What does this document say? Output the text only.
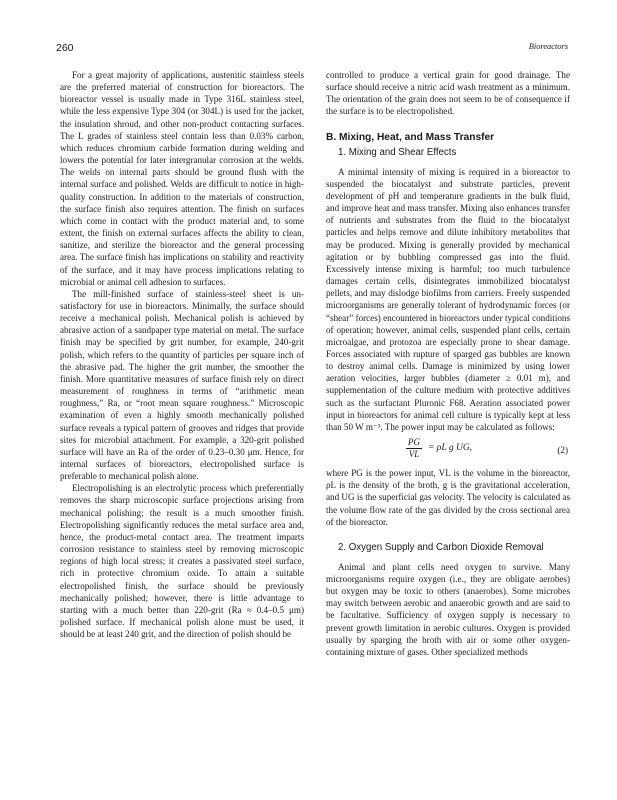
260	Bioreactors

For a great majority of applications, austenitic stainless steels are the preferred material of construction for bioreactors. The bioreactor vessel is usually made in Type 316L stainless steel, while the less expensive Type 304 (or 304L) is used for the jacket, the insulation shroud, and other non-product contacting surfaces. The L grades of stainless steel contain less than 0.03% carbon, which reduces chromium carbide formation during welding and lowers the potential for later intergranular corrosion at the welds. The welds on internal parts should be ground flush with the internal surface and polished. Welds are difficult to notice in high-quality construction. In addition to the materials of construction, the surface finish also requires attention. The finish on surfaces which come in contact with the product material and, to some extent, the finish on external surfaces affects the ability to clean, sanitize, and sterilize the bioreactor and the general processing area. The surface finish has implications on stability and reactivity of the surface, and it may have process implications relating to microbial or animal cell adhesion to surfaces.

The mill-finished surface of stainless-steel sheet is unsatisfactory for use in bioreactors. Minimally, the surface should receive a mechanical polish. Mechanical polish is achieved by abrasive action of a sandpaper type material on metal. The surface finish may be specified by grit number, for example, 240-grit polish, which refers to the quantity of particles per square inch of the abrasive pad. The higher the grit number, the smoother the finish. More quantitative measures of surface finish rely on direct measurement of roughness in terms of “arithmetic mean roughness,” Ra, or “root mean square roughness.” Microscopic examination of even a highly smooth mechanically polished surface reveals a typical pattern of grooves and ridges that provide sites for microbial attachment. For example, a 320-grit polished surface will have an Ra of the order of 0.23–0.30 μm. Hence, for internal surfaces of bioreactors, electropolished surface is preferable to mechanical polish alone.

Electropolishing is an electrolytic process which preferentially removes the sharp microscopic surface projections arising from mechanical polishing; the result is a much smoother finish. Electropolishing significantly reduces the metal surface area and, hence, the product-metal contact area. The treatment imparts corrosion resistance to stainless steel by removing microscopic regions of high local stress; it creates a passivated steel surface, rich in protective chromium oxide. To attain a suitable electropolished finish, the surface should be previously mechanically polished; however, there is little advantage to starting with a much better than 220-grit (Ra ≈ 0.4–0.5 μm) polished surface. If mechanical polish alone must be used, it should be at least 240 grit, and the direction of polish should be

controlled to produce a vertical grain for good drainage. The surface should receive a nitric acid wash treatment as a minimum. The orientation of the grain does not seem to be of consequence if the surface is to be electropolished.

B. Mixing, Heat, and Mass Transfer
1. Mixing and Shear Effects

A minimal intensity of mixing is required in a bioreactor to suspended the biocatalyst and substrate particles, prevent development of pH and temperature gradients in the bulk fluid, and improve heat and mass transfer. Mixing also enhances transfer of nutrients and substrates from the fluid to the biocatalyst particles and helps remove and dilute inhibitory metabolites that may be produced. Mixing is generally provided by mechanical agitation or by bubbling compressed gas into the fluid. Excessively intense mixing is harmful; too much turbulence damages certain cells, disintegrates immobilized biocatalyst pellets, and may dislodge biofilms from carriers. Freely suspended microorganisms are generally tolerant of hydrodynamic forces (or “shear” forces) encountered in bioreactors under typical conditions of operation; however, animal cells, suspended plant cells, certain microalgae, and protozoa are especially prone to shear damage. Forces associated with rupture of sparged gas bubbles are known to destroy animal cells. Damage is minimized by using lower aeration velocities, larger bubbles (diameter ≥ 0.01 m), and supplementation of the culture medium with protective additives such as the surfactant Pluronic F68. Aeration associated power input in bioreactors for animal cell culture is typically kept at less than 50 W m⁻³. The power input may be calculated as follows:

$\frac{PG}{VL} = \rho L$ g UG,	(2)

where PG is the power input, VL is the volume in the bioreactor, ρL is the density of the broth, g is the gravitational acceleration, and UG is the superficial gas velocity. The velocity is calculated as the volume flow rate of the gas divided by the cross sectional area of the bioreactor.

2. Oxygen Supply and Carbon Dioxide Removal

Animal and plant cells need oxygen to survive. Many microorganisms require oxygen (i.e., they are obligate aerobes) but oxygen may be toxic to others (anaerobes). Some microbes may switch between aerobic and anaerobic growth and are said to be facultative. Sufficiency of oxygen supply is necessary to prevent growth limitation in aerobic cultures. Oxygen is provided usually by sparging the broth with air or some other oxygen-containing mixture of gases. Other specialized methods
